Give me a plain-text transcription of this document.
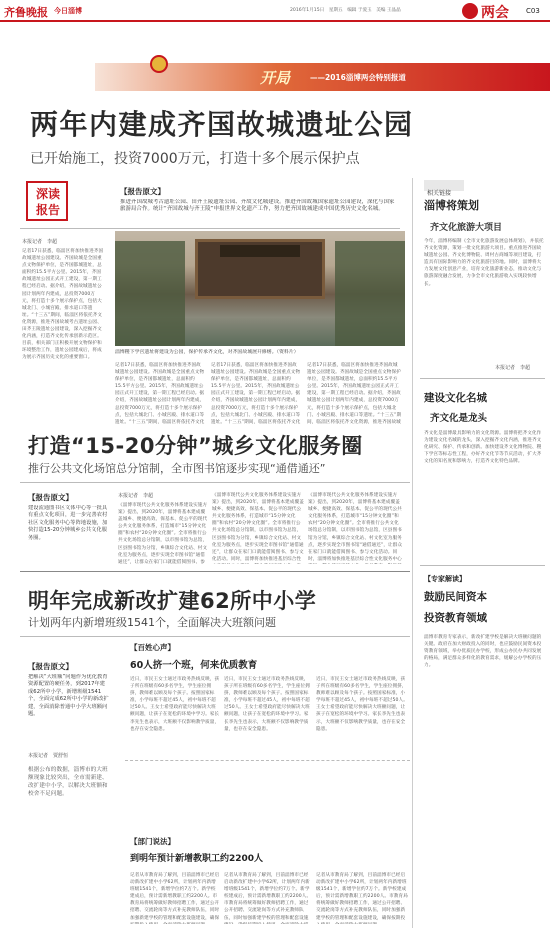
齐鲁晚报 今日淄博	2016年1月15日　星期五　编辑 于爱玉　美编 王晶晶	两会 C03
开局	——2016淄博两会特别报道
两年内建成齐国故城遗址公园
已开始施工，投资7000万元，打造十多个展示保护点
深读报告
【报告原文】
推进齐国故城考古遗址公园、田齐王陵遗址公园、齐故文化城建设。推进齐国故城国家遗址公园建设，深化与国家旅游局合作。统计“齐国故城与齐王陵”申报世界文化遗产工作，努力把齐国故城建成中国优秀历史文化名城。
本报记者　李超
记者17日获悉，临淄区将加快推进齐国故城遗址公园建设。齐国故城是全国重点文物保护单位，是齐国都城遗址，总面积约15.5平方公里。2015年，齐国故城遗址公园正式开工建设，第一期工程已经启动。据介绍，齐国故城遗址公园计划两年内建成，总投资7000万元，将打造十多个展示保护点，包括大城北门、小城宫殿、排水道口等遗址。“十三五”期间，临淄区将依托齐文化资源，推进齐国故城考古遗址公园、田齐王陵遗址公园建设，深入挖掘齐文化内涵，打造齐文化传承创新示范区。目前，相关部门正积极开展文物保护和环境整治工作，遗址公园建成后，将成为展示齐国历史文化的重要窗口。
淄博稷下学宫遗址将建设为公园，保护传承齐文化，对齐国故城展开修缮。（资料片）
记者17日获悉，临淄区将加快推进齐国故城遗址公园建设。齐国故城是全国重点文物保护单位，是齐国都城遗址，总面积约15.5平方公里。2015年，齐国故城遗址公园正式开工建设，第一期工程已经启动。据介绍，齐国故城遗址公园计划两年内建成，总投资7000万元，将打造十多个展示保护点，包括大城北门、小城宫殿、排水道口等遗址。“十三五”期间，临淄区将依托齐文化
记者17日获悉，临淄区将加快推进齐国故城遗址公园建设。齐国故城是全国重点文物保护单位，是齐国都城遗址，总面积约15.5平方公里。2015年，齐国故城遗址公园正式开工建设，第一期工程已经启动。据介绍，齐国故城遗址公园计划两年内建成，总投资7000万元，将打造十多个展示保护点，包括大城北门、小城宫殿、排水道口等遗址。“十三五”期间，临淄区将依托齐文化
记者17日获悉，临淄区将加快推进齐国故城遗址公园建设。齐国故城是全国重点文物保护单位，是齐国都城遗址，总面积约15.5平方公里。2015年，齐国故城遗址公园正式开工建设，第一期工程已经启动。据介绍，齐国故城遗址公园计划两年内建成，总投资7000万元，将打造十多个展示保护点，包括大城北门、小城宫殿、排水道口等遗址。“十三五”期间，临淄区将依托齐文化资源，推进齐国故城
打造“15-20分钟”城乡文化服务圈
推行公共文化场馆总分馆制，全市图书馆逐步实现“通借通还”
【报告原文】
建设流通图书区文体中心等一批具有重点文化项目，进一步完善农村社区文化服务中心等阵地设施，加快打造15-20分钟城乡公共文化服务圈。
本报记者　李超
《淄博市现代公共文化服务体系建设实施方案》提出，到2020年，淄博将基本建成覆盖城乡、便捷高效、保基本、促公平的现代公共文化服务体系，打造城市“15分钟文化圈”和农村“20分钟文化圈”。全市将推行公共文化场馆总分馆制，以市图书馆为总馆，区县图书馆为分馆，乡镇综合文化站、村文化室为服务点，逐步实现全市图书馆“通借通还”，让群众在家门口就能借阅图书、参
《淄博市现代公共文化服务体系建设实施方案》提出，到2020年，淄博将基本建成覆盖城乡、便捷高效、保基本、促公平的现代公共文化服务体系，打造城市“15分钟文化圈”和农村“20分钟文化圈”。全市将推行公共文化场馆总分馆制，以市图书馆为总馆，区县图书馆为分馆，乡镇综合文化站、村文化室为服务点，逐步实现全市图书馆“通借通还”，让群众在家门口就能借阅图书、参与文化活动。同时，淄博将加快推进基层综合性
《淄博市现代公共文化服务体系建设实施方案》提出，到2020年，淄博将基本建成覆盖城乡、便捷高效、保基本、促公平的现代公共文化服务体系，打造城市“15分钟文化圈”和农村“20分钟文化圈”。全市将推行公共文化场馆总分馆制，以市图书馆为总馆，区县图书馆为分馆，乡镇综合文化站、村文化室为服务点，逐步实现全市图书馆“通借通还”，让群众在家门口就能借阅图书、参与文化活动。同时，淄博将加快推进基层综合性文化服务中心
明年完成新改扩建62所中小学
计划两年内新增班级1541个，全面解决大班额问题
【报告原文】
把解决“大班额”问题作为优化教育资源配置的硬任务，到2017年建成62所中小学，新增班级1541个，全面完成62所中小学的新改扩建，全面消除普通中小学大班额问题。
本报记者　贾舒恒
根据公布的数据，淄博市的大班额现象比较突出，全市需新建、改扩建中小学，以解决大班额和校舍不足问题。
【百姓心声】
60人挤一个班，何来优质教育
近日，市民王女士通过市政务热线反映，孩子所在班级有60多名学生，学生座位拥挤，教师难以顾及每个孩子。按照国家标准，小学每班不超过45人，初中每班不超过50人。王女士希望政府能尽快解决大班额问题，让孩子在宽松的环境中学习。家长李先生也表示，大班额不仅影响教学质量，也存在安全隐患。
近日，市民王女士通过市政务热线反映，孩子所在班级有60多名学生，学生座位拥挤，教师难以顾及每个孩子。按照国家标准，小学每班不超过45人，初中每班不超过50人。王女士希望政府能尽快解决大班额问题，让孩子在宽松的环境中学习。家长李先生也表示，大班额不仅影响教学质量，也存在安全隐患。
近日，市民王女士通过市政务热线反映，孩子所在班级有60多名学生，学生座位拥挤，教师难以顾及每个孩子。按照国家标准，小学每班不超过45人，初中每班不超过50人。王女士希望政府能尽快解决大班额问题，让孩子在宽松的环境中学习。家长李先生也表示，大班额不仅影响教学质量，也存在安全隐患。
【部门说法】
到明年预计新增教职工约2200人
记者从市教育局了解到，目前淄博市已经启动新改扩建中小学62所，计划两年内新增班级1541个，新增学位约7万个。新学校建成后，预计需新增教职工约2200人。市教育局将统筹做好教师招聘工作，通过公开招聘、交流轮岗等方式补充教师队伍，同时加强新建学校的管理和配套设施建设，确保
记者从市教育局了解到，目前淄博市已经启动新改扩建中小学62所，计划两年内新增班级1541个，新增学位约7万个。新学校建成后，预计需新增教职工约2200人。市教育局将统筹做好教师招聘工作，通过公开招聘、交流轮岗等方式补充教师队伍，同时加强新建学校的管理和配套设施
记者从市教育局了解到，目前淄博市已经启动新改扩建中小学62所，计划两年内新增班级1541个，新增学位约7万个。新学校建成后，预计需新增教职工约2200人。市教育局将统筹做好教师招聘工作，通过公开招聘、交流轮岗等方式补充教师队伍，同时加强新建学校的管理和配套设施建设，确保按期投
相关链接
淄博将策划
齐文化旅游大项目
今年，淄博将编制《全市文化旅游发展总体规划》，并依托齐文化资源，策划一批文化旅游大项目。重点推进齐国故城遗址公园、齐文化博物院、周村古商城等项目建设，打造具有国际影响力的齐文化旅游目的地。同时，淄博将大力发展文化创意产业，培育文化旅游新业态，推动文化与旅游深度融合发展，力争全市文化旅游收入实现较快增长。
本报记者　李超
建设文化名城
齐文化是龙头
齐文化是淄博最具影响力的文化资源。淄博将把齐文化作为建设文化名城的龙头，深入挖掘齐文化内涵，推进齐文化研究、保护、传承和创新。加快建设齐文化博物院、稷下学宫等标志性工程，办好齐文化节等节庆活动，扩大齐文化的知名度和影响力，打造齐文化特色品牌。
【专家解读】
鼓励民间资本
投资教育领域
淄博市教育专家表示，新改扩建学校是解决大班额问题的关键。政府在加大财政投入的同时，也应鼓励民间资本投资教育领域，举办优质民办学校，形成公办民办共同发展的格局，满足群众多样化的教育需求，缓解公办学校的压力。
